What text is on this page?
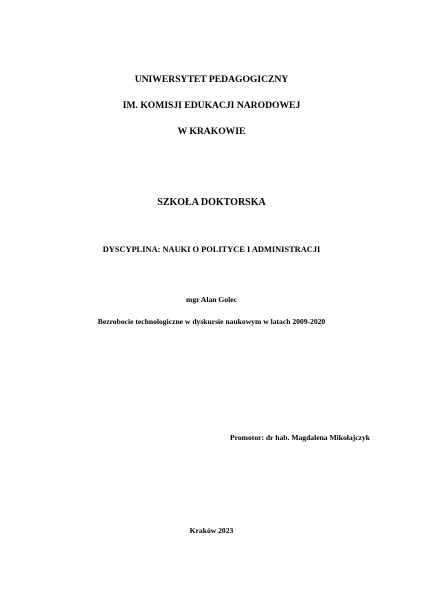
UNIWERSYTET PEDAGOGICZNY
IM. KOMISJI EDUKACJI NARODOWEJ
W KRAKOWIE
SZKOŁA DOKTORSKA
DYSCYPLINA: NAUKI O POLITYCE I ADMINISTRACJI
mgr Alan Golec
Bezrobocie technologiczne w dyskursie naukowym w latach 2009-2020
Promotor: dr hab. Magdalena Mikołajczyk
Kraków 2023
